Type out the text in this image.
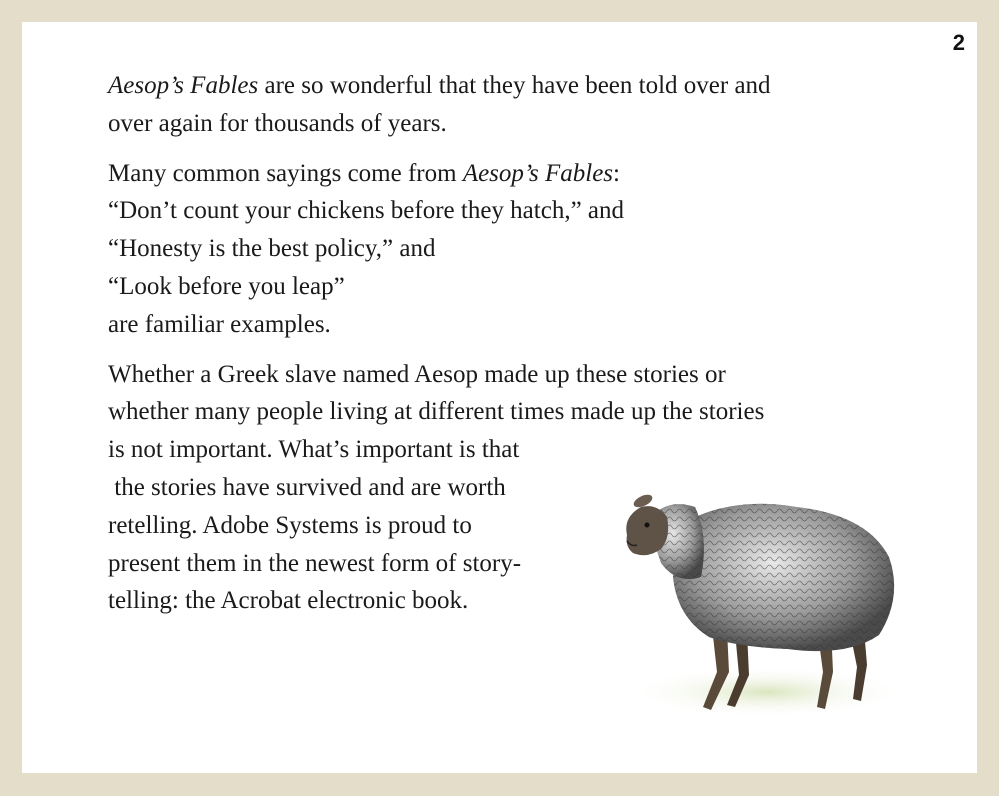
2

Aesop’s Fables are so wonderful that they have been told over and
over again for thousands of years.

Many common sayings come from Aesop’s Fables:
“Don’t count your chickens before they hatch,” and
“Honesty is the best policy,” and
“Look before you leap”
are familiar examples.

Whether a Greek slave named Aesop made up these stories or
whether many people living at different times made up the stories
is not important. What’s important is that
the stories have survived and are worth
retelling. Adobe Systems is proud to
present them in the newest form of story-
telling: the Acrobat electronic book.
